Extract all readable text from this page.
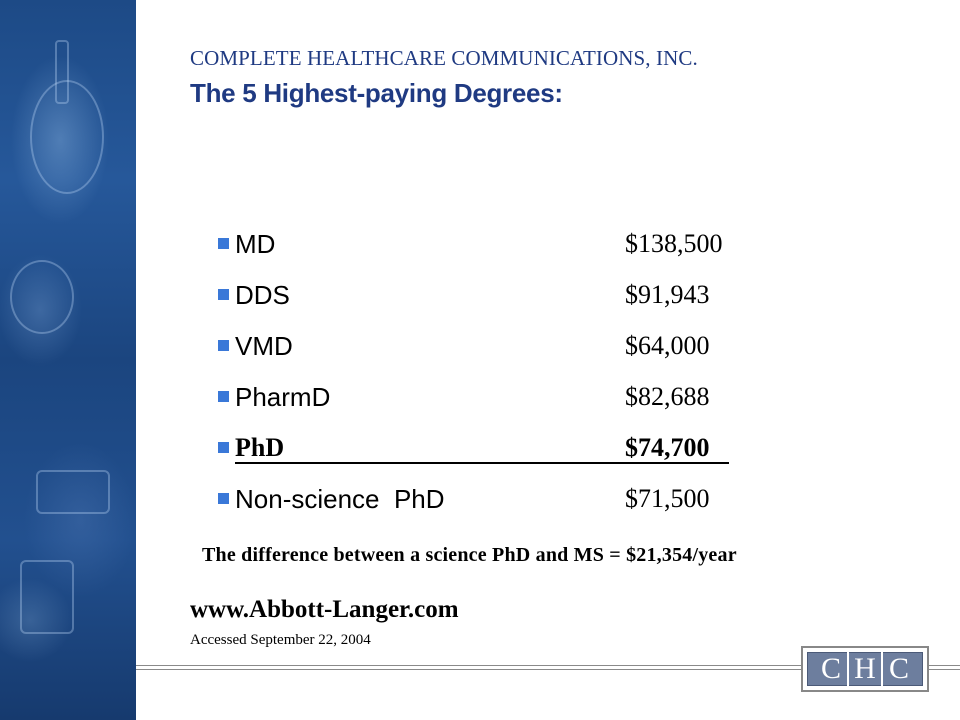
COMPLETE HEALTHCARE COMMUNICATIONS, INC.
The 5 Highest-paying Degrees:
MD	$138,500
DDS	$91,943
VMD	$64,000
PharmD	$82,688
PhD	$74,700
Non-science  PhD	$71,500
The difference between a science PhD and MS = $21,354/year
www.Abbott-Langer.com
Accessed September 22, 2004
C H C
